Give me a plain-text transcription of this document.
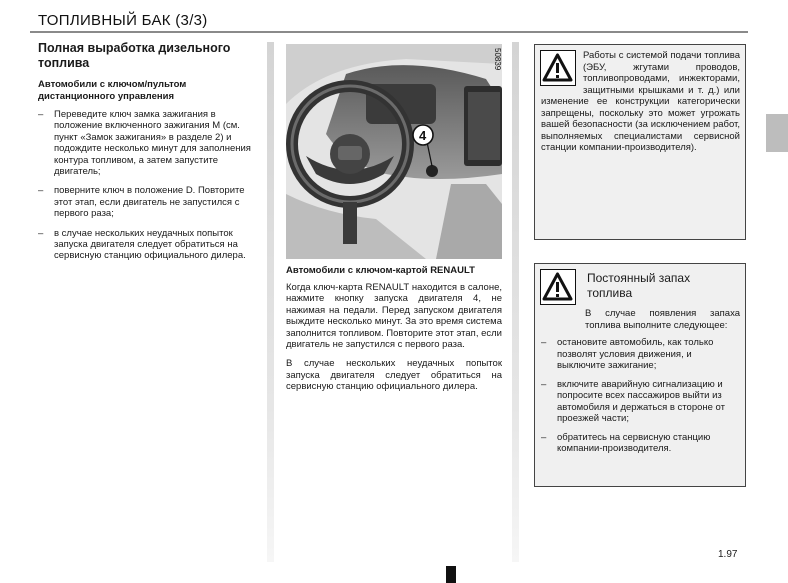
ТОПЛИВНЫЙ БАК (3/3)

Полная выработка дизельного топлива

Автомобили с ключом/пультом дистанционного управления

– Переведите ключ замка зажигания в положение включенного зажигания M (см. пункт «Замок зажигания» в разделе 2) и подождите несколько минут для заполнения контура топливом, а затем запустите двигатель;
– поверните ключ в положение D. Повторите этот этап, если двигатель не запустился с первого раза;
– в случае нескольких неудачных попыток запуска двигателя следует обратиться на сервисную станцию официального дилера.
4
50839
Автомобили с ключом-картой RENAULT

Когда ключ-карта RENAULT находится в салоне, нажмите кнопку запуска двигателя 4, не нажимая на педали. Перед запуском двигателя выждите несколько минут. За это время система заполнится топливом. Повторите этот этап, если двигатель не запустился с первого раза.

В случае нескольких неудачных попыток запуска двигателя следует обратиться на сервисную станцию официального дилера.

Работы с системой подачи топлива (ЭБУ, жгутами проводов, топливопроводами, инжекторами, защитными крышками и т. д.) или изменение ее конструкции категорически запрещены, поскольку это может угрожать вашей безопасности (за исключением работ, выполняемых специалистами сервисной станции компании-производителя).
Постоянный запах топлива
В случае появления запаха топлива выполните следующее:
– остановите автомобиль, как только позволят условия движения, и выключите зажигание;
– включите аварийную сигнализацию и попросите всех пассажиров выйти из автомобиля и держаться в стороне от проезжей части;
– обратитесь на сервисную станцию компании-производителя.
1.97
